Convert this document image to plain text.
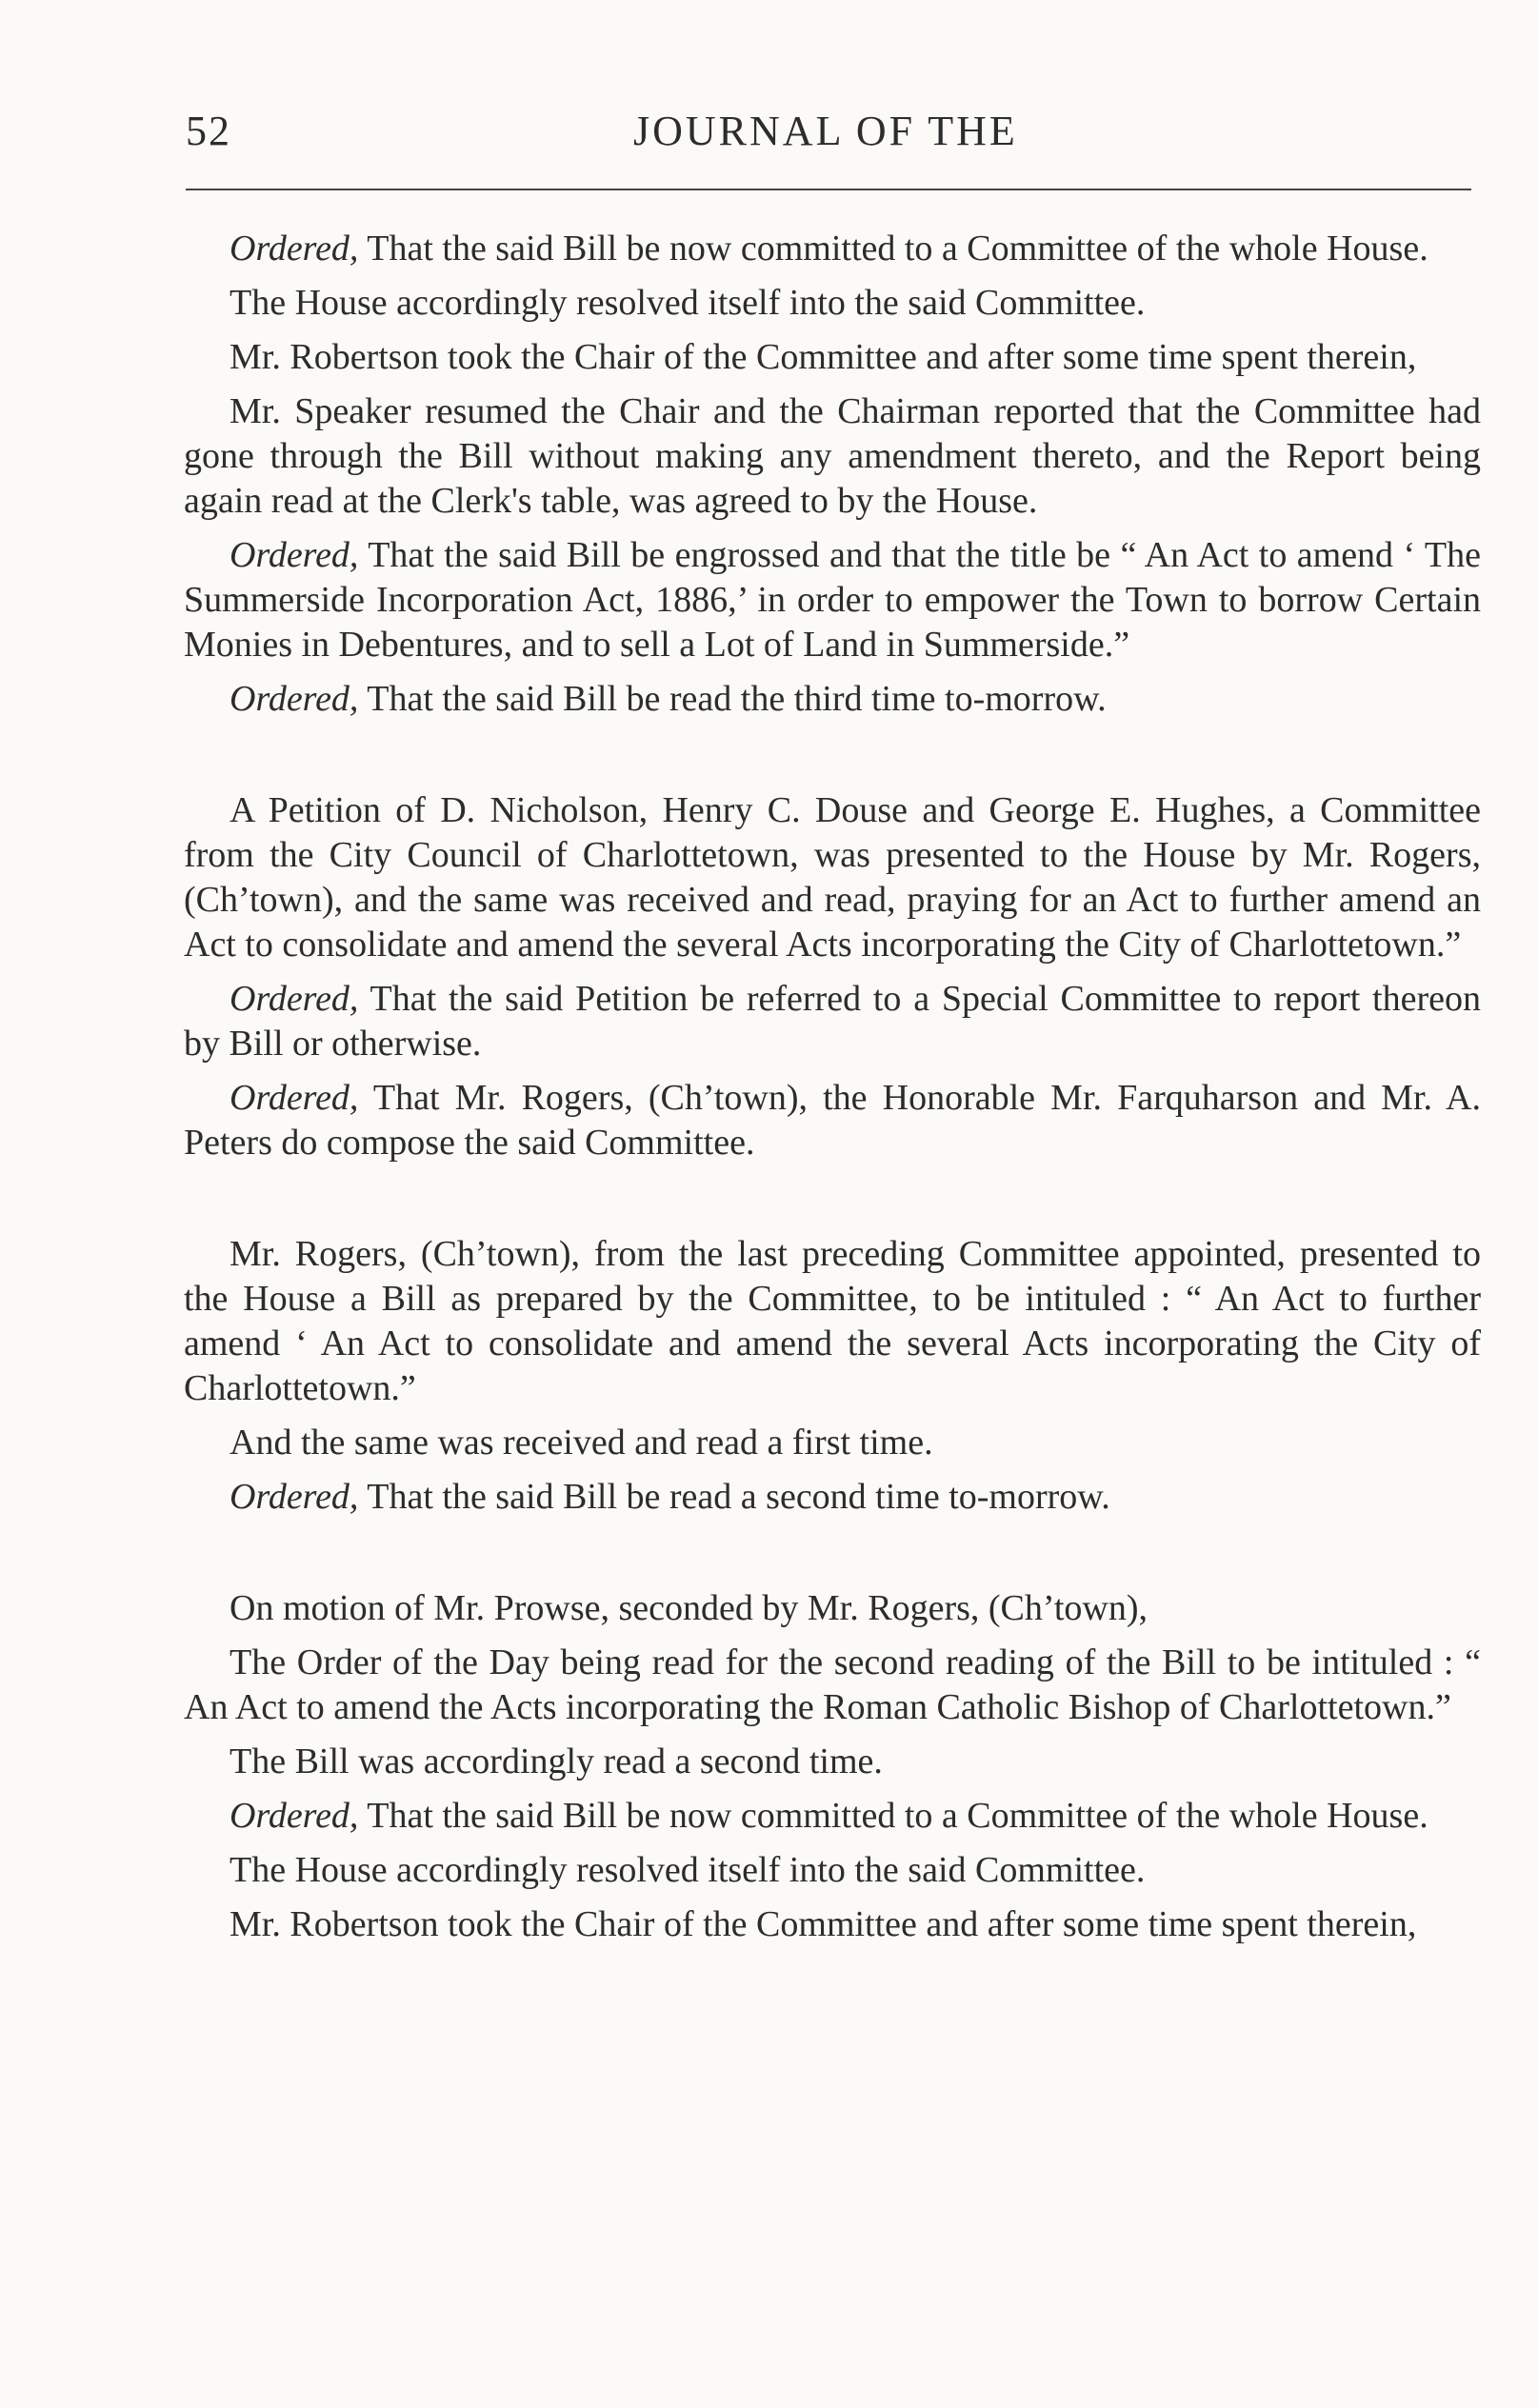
52	JOURNAL OF THE

Ordered, That the said Bill be now committed to a Committee of the whole House.

The House accordingly resolved itself into the said Committee.

Mr. Robertson took the Chair of the Committee and after some time spent therein,

Mr. Speaker resumed the Chair and the Chairman reported that the Committee had gone through the Bill without making any amendment thereto, and the Report being again read at the Clerk's table, was agreed to by the House.

Ordered, That the said Bill be engrossed and that the title be “ An Act to amend ‘ The Summerside Incorporation Act, 1886,’ in order to empower the Town to borrow Certain Monies in Debentures, and to sell a Lot of Land in Summerside.”

Ordered, That the said Bill be read the third time to-morrow.

A Petition of D. Nicholson, Henry C. Douse and George E. Hughes, a Committee from the City Council of Charlottetown, was presented to the House by Mr. Rogers, (Ch’town), and the same was received and read, praying for an Act to further amend an Act to consolidate and amend the several Acts incorporating the City of Charlottetown.”

Ordered, That the said Petition be referred to a Special Committee to report thereon by Bill or otherwise.

Ordered, That Mr. Rogers, (Ch’town), the Honorable Mr. Farquharson and Mr. A. Peters do compose the said Committee.

Mr. Rogers, (Ch’town), from the last preceding Committee appointed, presented to the House a Bill as prepared by the Committee, to be intituled : “ An Act to further amend ‘ An Act to consolidate and amend the several Acts incorporating the City of Charlottetown.”

And the same was received and read a first time.

Ordered, That the said Bill be read a second time to-morrow.

On motion of Mr. Prowse, seconded by Mr. Rogers, (Ch’town),

The Order of the Day being read for the second reading of the Bill to be intituled : “ An Act to amend the Acts incorporating the Roman Catholic Bishop of Charlottetown.”

The Bill was accordingly read a second time.

Ordered, That the said Bill be now committed to a Committee of the whole House.

The House accordingly resolved itself into the said Committee.

Mr. Robertson took the Chair of the Committee and after some time spent therein,
